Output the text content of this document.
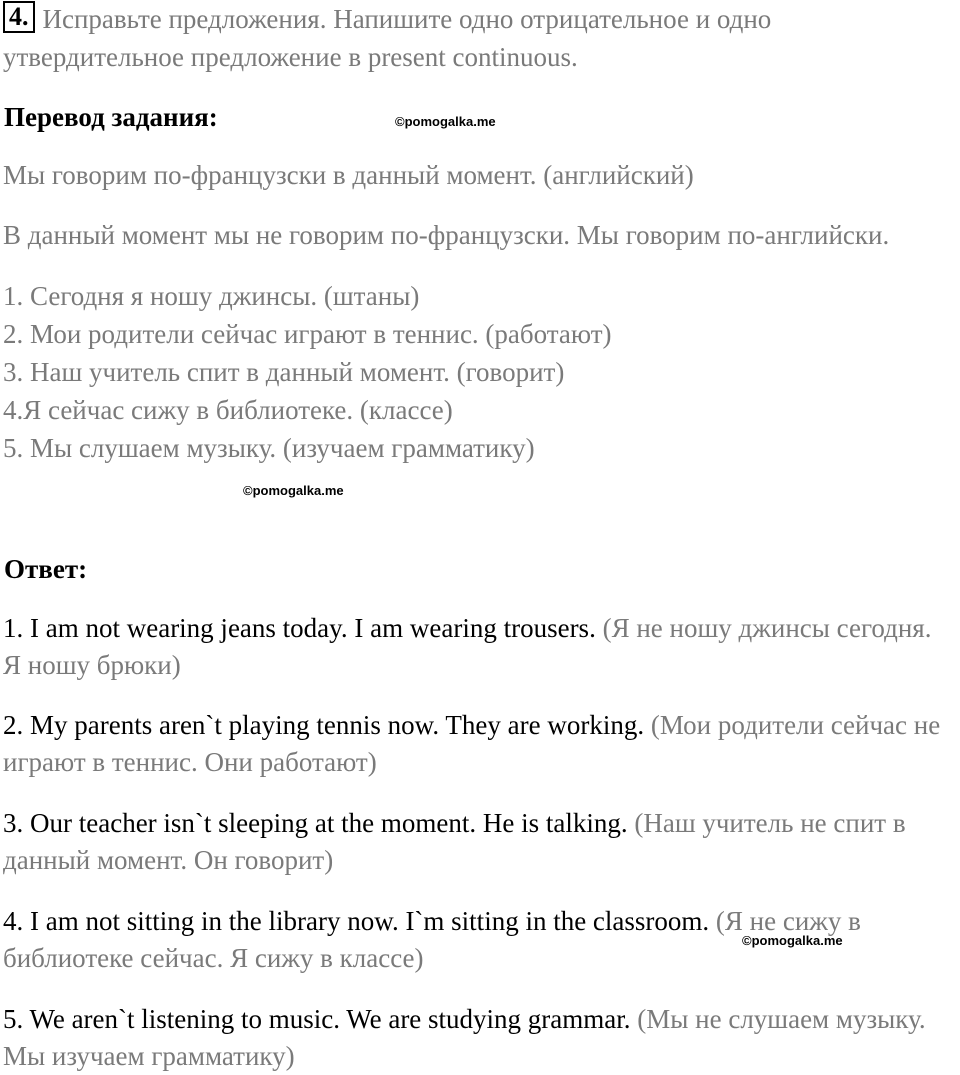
4. Исправьте предложения. Напишите одно отрицательное и одно утвердительное предложение в present continuous.
Перевод задания:	©pomogalka.me
Мы говорим по-французски в данный момент. (английский)
В данный момент мы не говорим по-французски. Мы говорим по-английски.
1. Сегодня я ношу джинсы. (штаны)
2. Мои родители сейчас играют в теннис. (работают)
3. Наш учитель спит в данный момент. (говорит)
4.Я сейчас сижу в библиотеке. (классе)
5. Мы слушаем музыку. (изучаем грамматику)
©pomogalka.me
Ответ:
1. I am not wearing jeans today. I am wearing trousers. (Я не ношу джинсы сегодня. Я ношу брюки)
2. My parents aren`t playing tennis now. They are working. (Мои родители сейчас не играют в теннис. Они работают)
3. Our teacher isn`t sleeping at the moment. He is talking. (Наш учитель не спит в данный момент. Он говорит)
4. I am not sitting in the library now. I`m sitting in the classroom. (Я не сижу в библиотеке сейчас. Я сижу в классе)
©pomogalka.me
5. We aren`t listening to music. We are studying grammar. (Мы не слушаем музыку. Мы изучаем грамматику)
